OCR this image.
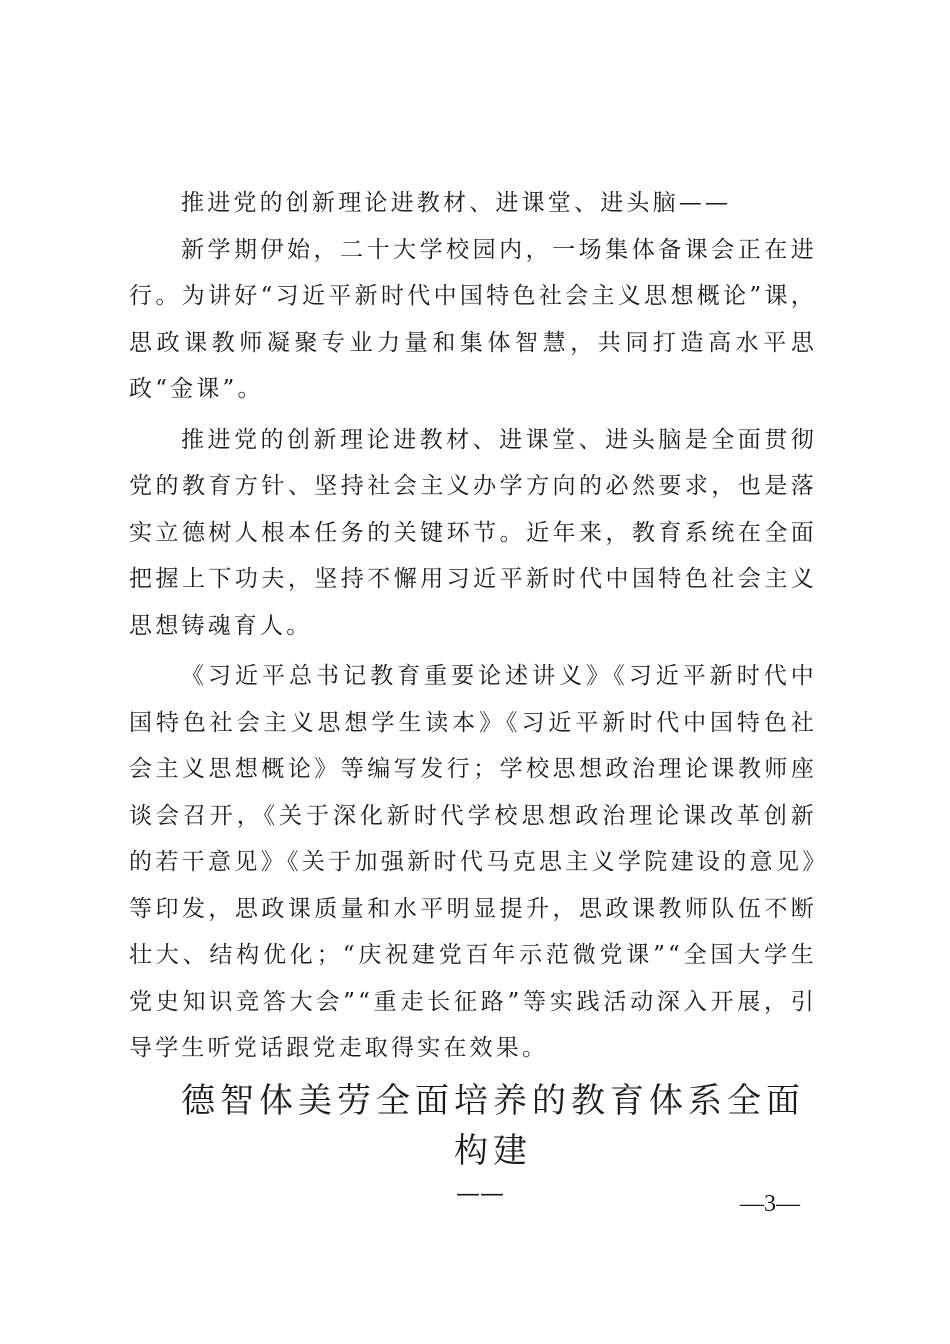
推进党的创新理论进教材、进课堂、进头脑——

新学期伊始，二十大学校园内，一场集体备课会正在进行。为讲好“习近平新时代中国特色社会主义思想概论”课，思政课教师凝聚专业力量和集体智慧，共同打造高水平思政“金课”。

推进党的创新理论进教材、进课堂、进头脑是全面贯彻党的教育方针、坚持社会主义办学方向的必然要求，也是落实立德树人根本任务的关键环节。近年来，教育系统在全面把握上下功夫，坚持不懈用习近平新时代中国特色社会主义思想铸魂育人。

《习近平总书记教育重要论述讲义》《习近平新时代中国特色社会主义思想学生读本》《习近平新时代中国特色社会主义思想概论》等编写发行；学校思想政治理论课教师座谈会召开，《关于深化新时代学校思想政治理论课改革创新的若干意见》《关于加强新时代马克思主义学院建设的意见》等印发，思政课质量和水平明显提升，思政课教师队伍不断壮大、结构优化；“庆祝建党百年示范微党课”“全国大学生党史知识竞答大会”“重走长征路”等实践活动深入开展，引导学生听党话跟党走取得实在效果。

德智体美劳全面培养的教育体系全面构建
——	—3—
